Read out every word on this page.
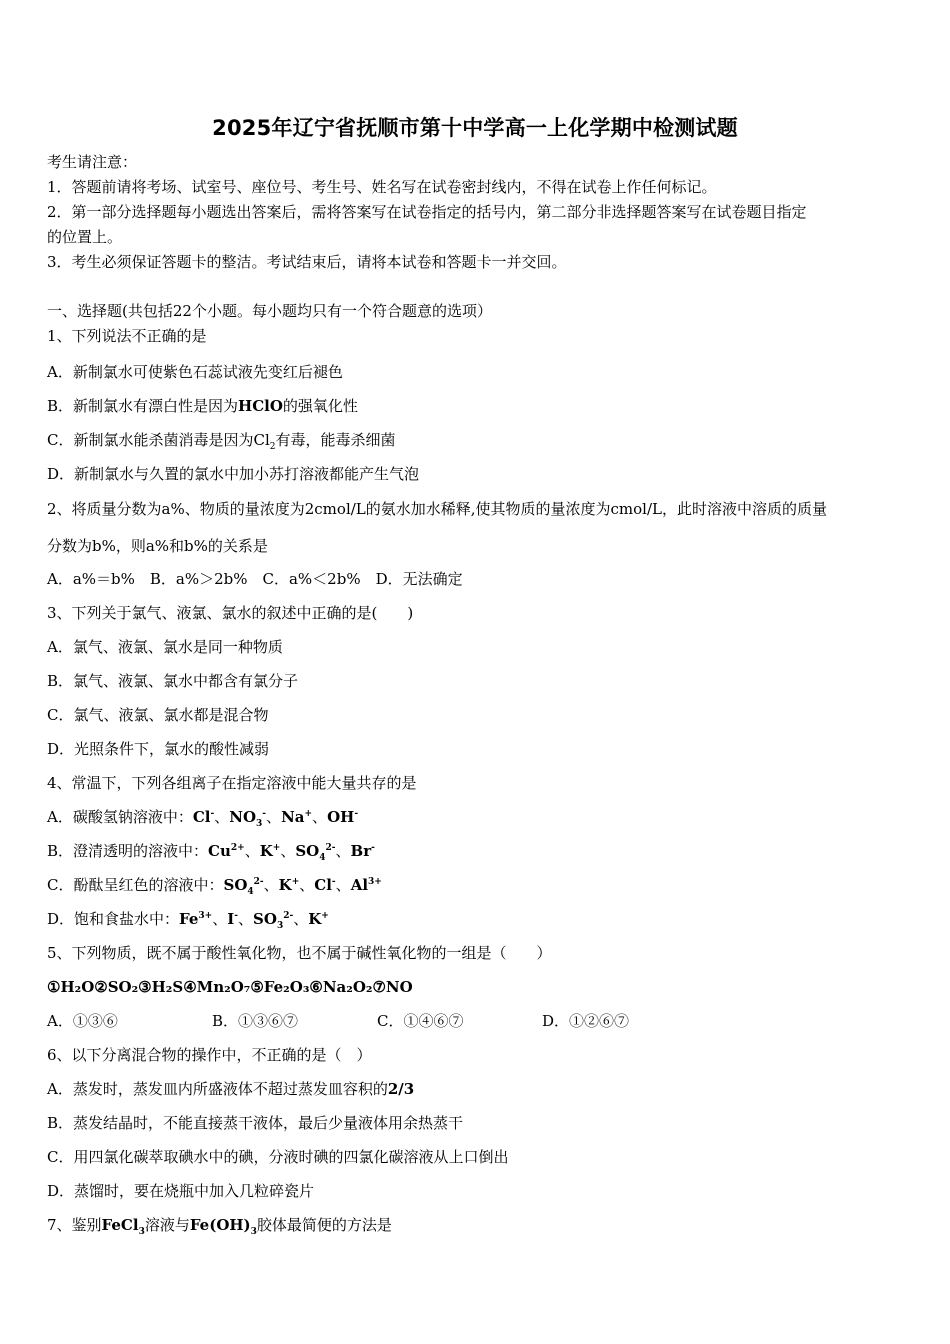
2025年辽宁省抚顺市第十中学高一上化学期中检测试题
考生请注意：
1．答题前请将考场、试室号、座位号、考生号、姓名写在试卷密封线内，不得在试卷上作任何标记。
2．第一部分选择题每小题选出答案后，需将答案写在试卷指定的括号内，第二部分非选择题答案写在试卷题目指定
的位置上。
3．考生必须保证答题卡的整洁。考试结束后，请将本试卷和答题卡一并交回。
一、选择题(共包括22个小题。每小题均只有一个符合题意的选项）
1、下列说法不正确的是
A．新制氯水可使紫色石蕊试液先变红后褪色
B．新制氯水有漂白性是因为HClO的强氧化性
C．新制氯水能杀菌消毒是因为$Cl_2$有毒，能毒杀细菌
D．新制氯水与久置的氯水中加小苏打溶液都能产生气泡
2、将质量分数为a%、物质的量浓度为2cmol/L的氨水加水稀释,使其物质的量浓度为cmol/L，此时溶液中溶质的质量
分数为b%，则a%和b%的关系是
A．a%＝b%　B．a%＞2b%　C．a%＜2b%　D．无法确定
3、下列关于氯气、液氯、氯水的叙述中正确的是(　　)
A．氯气、液氯、氯水是同一种物质
B．氯气、液氯、氯水中都含有氯分子
C．氯气、液氯、氯水都是混合物
D．光照条件下，氯水的酸性减弱
4、常温下，下列各组离子在指定溶液中能大量共存的是
A．碳酸氢钠溶液中：Cl-、$NO_3^-$、Na+、OH-
B．澄清透明的溶液中：$Cu^{2+}$、K+、$SO_4^{2-}$、Br-
C．酚酞呈红色的溶液中：$SO_4^{2-}$、K+、Cl-、$Al^{3+}$
D．饱和食盐水中：$Fe^{3+}$、I-、$SO_3^{2-}$、K+
5、下列物质，既不属于酸性氧化物，也不属于碱性氧化物的一组是（　　）
①H₂O②SO₂③H₂S④Mn₂O₇⑤Fe₂O₃⑥Na₂O₂⑦NO
A．①③⑥	B．①③⑥⑦	C．①④⑥⑦	D．①②⑥⑦
6、以下分离混合物的操作中，不正确的是（　）
A．蒸发时，蒸发皿内所盛液体不超过蒸发皿容积的2/3
B．蒸发结晶时，不能直接蒸干液体，最后少量液体用余热蒸干
C．用四氯化碳萃取碘水中的碘，分液时碘的四氯化碳溶液从上口倒出
D．蒸馏时，要在烧瓶中加入几粒碎瓷片
7、鉴别FeCl$_3$溶液与$Fe(OH)_3$胶体最简便的方法是
